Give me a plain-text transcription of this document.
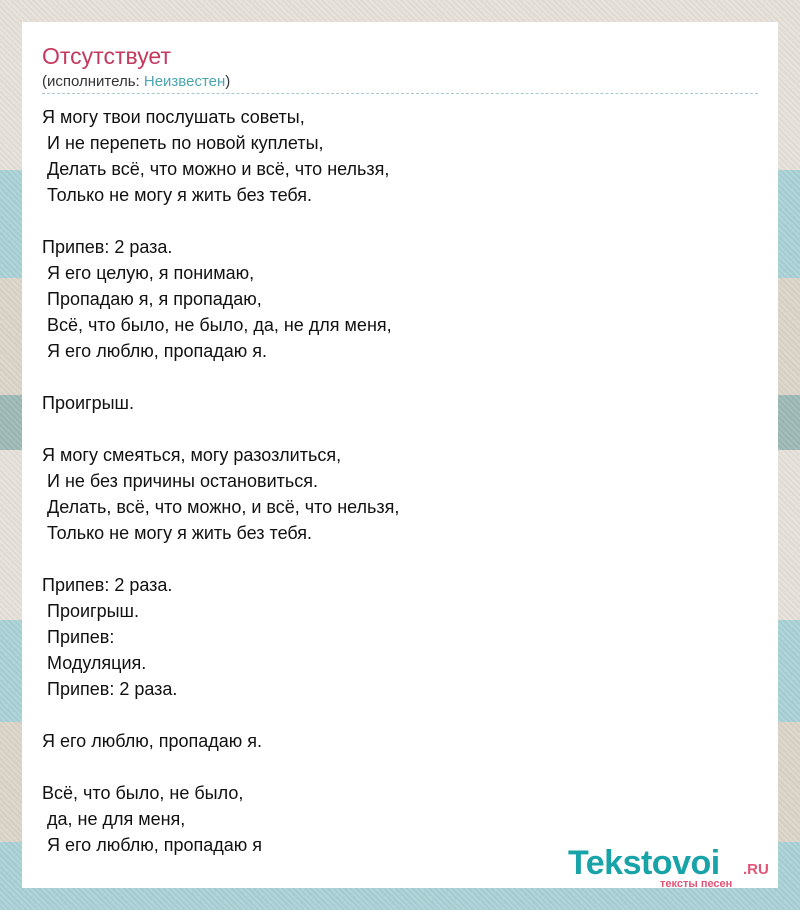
Отсутствует
(исполнитель: Неизвестен)
Я могу твои послушать советы,
И не перепеть по новой куплеты,
Делать всё, что можно и всё, что нельзя,
Только не могу я жить без тебя.

Припев: 2 раза.
Я его целую, я понимаю,
Пропадаю я, я пропадаю,
Всё, что было, не было, да, не для меня,
Я его люблю, пропадаю я.

Проигрыш.

Я могу смеяться, могу разозлиться,
И не без причины остановиться.
Делать, всё, что можно, и всё, что нельзя,
Только не могу я жить без тебя.

Припев: 2 раза.
Проигрыш.
Припев:
Модуляция.
Припев: 2 раза.

Я его люблю, пропадаю я.

Всё, что было, не было,
да, не для меня,
Я его люблю, пропадаю я	Tekstovoi .RU
тексты песен
